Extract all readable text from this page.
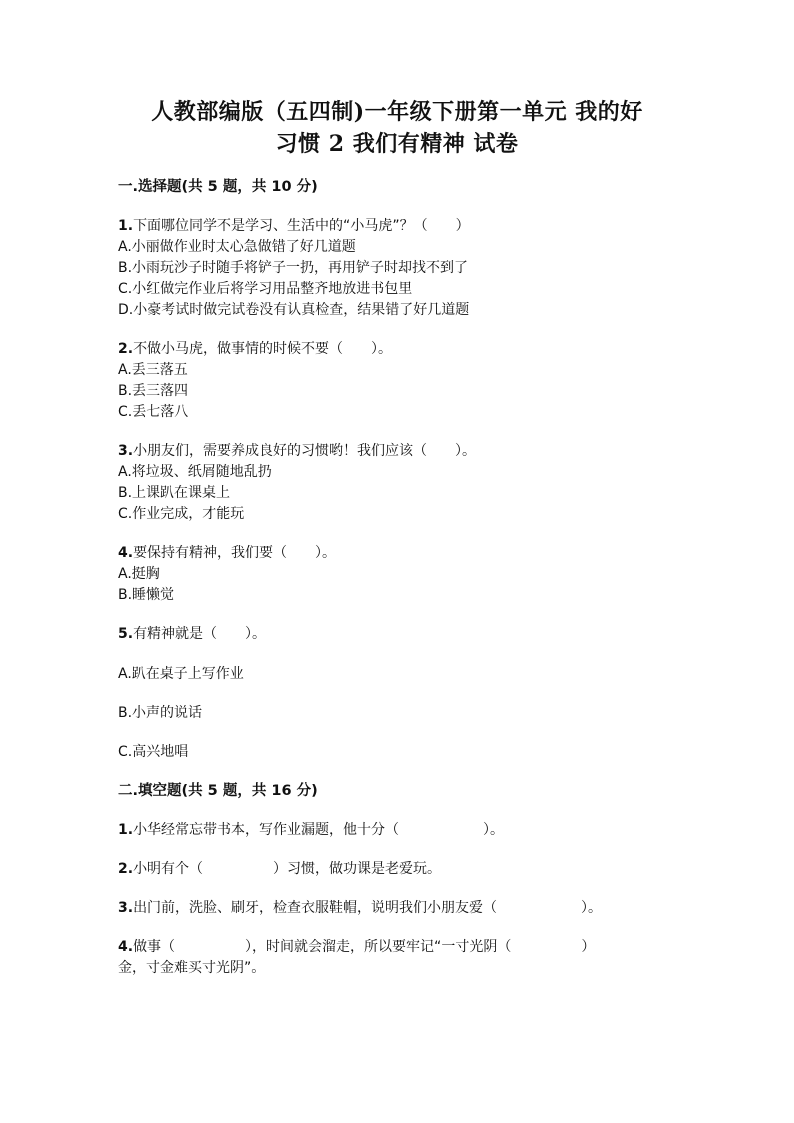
人教部编版（五四制)一年级下册第一单元 我的好
习惯 2 我们有精神 试卷
一.选择题(共 5 题，共 10 分)
1.下面哪位同学不是学习、生活中的“小马虎”？（　　）
A.小丽做作业时太心急做错了好几道题
B.小雨玩沙子时随手将铲子一扔，再用铲子时却找不到了
C.小红做完作业后将学习用品整齐地放进书包里
D.小豪考试时做完试卷没有认真检查，结果错了好几道题
2.不做小马虎，做事情的时候不要（　　）。
A.丢三落五
B.丢三落四
C.丢七落八
3.小朋友们，需要养成良好的习惯哟！我们应该（　　）。
A.将垃圾、纸屑随地乱扔
B.上课趴在课桌上
C.作业完成，才能玩
4.要保持有精神，我们要（　　）。
A.挺胸
B.睡懒觉
5.有精神就是（　　）。
A.趴在桌子上写作业
B.小声的说话
C.高兴地唱
二.填空题(共 5 题，共 16 分)
1.小华经常忘带书本，写作业漏题，他十分（　　　　　　）。
2.小明有个（　　　　　）习惯，做功课是老爱玩。
3.出门前，洗脸、刷牙，检查衣服鞋帽，说明我们小朋友爱（　　　　　　）。
4.做事（　　　　　），时间就会溜走，所以要牢记“一寸光阴（　　　　　）
金，寸金难买寸光阴”。
